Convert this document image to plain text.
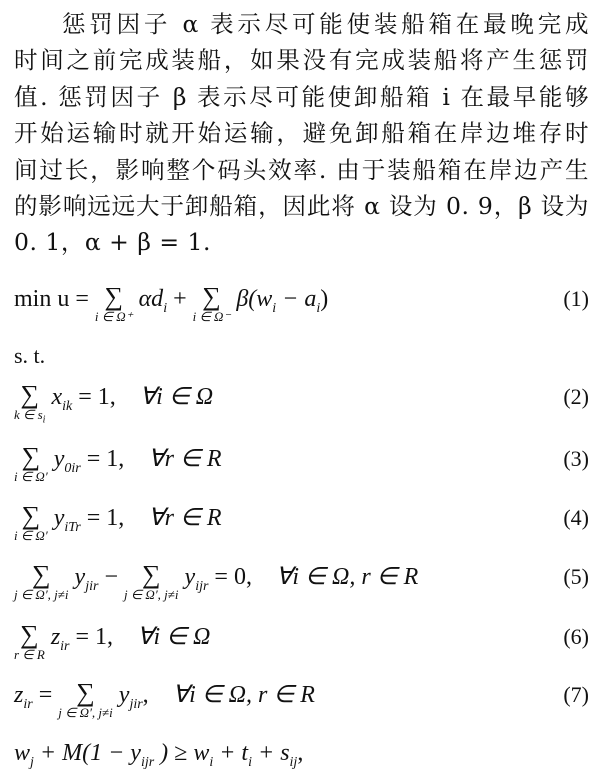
惩罚因子 α 表示尽可能使装船箱在最晚完成
时间之前完成装船，如果没有完成装船将产生惩罚
值. 惩罚因子 β 表示尽可能使卸船箱 i 在最早能够
开始运输时就开始运输，避免卸船箱在岸边堆存时
间过长，影响整个码头效率. 由于装船箱在岸边产生
的影响远远大于卸船箱，因此将 α 设为 0. 9，β 设为
0. 1，α + β = 1.
min u = ∑
i ∈ Ω⁺
$\alpha d_i$ + ∑
i ∈ Ω⁻
$\beta(w_i - a_i)$	(1)
s. t.
∑
k ∈ $s_i$
$x_{ik} = 1$, ∀i ∈ Ω	(2)
∑
i ∈ Ω′
$y_{0ir} = 1$, ∀r ∈ R	(3)
∑
i ∈ Ω′
$y_{iTr} = 1$, ∀r ∈ R	(4)
∑
j ∈ Ω′, j≠i
$y_{jir}$ − ∑
j ∈ Ω′, j≠i
$y_{ijr} = 0$, ∀i ∈ Ω, r ∈ R	(5)
∑
r ∈ R
$z_{ir} = 1$, ∀i ∈ Ω	(6)
$z_{ir}$ = ∑
j ∈ Ω′, j≠i
$y_{jir}$, ∀i ∈ Ω, r ∈ R	(7)
$w_j + M(1 - y_{ijr}$ ) ≥ $w_i + t_i + s_{ij}$,
